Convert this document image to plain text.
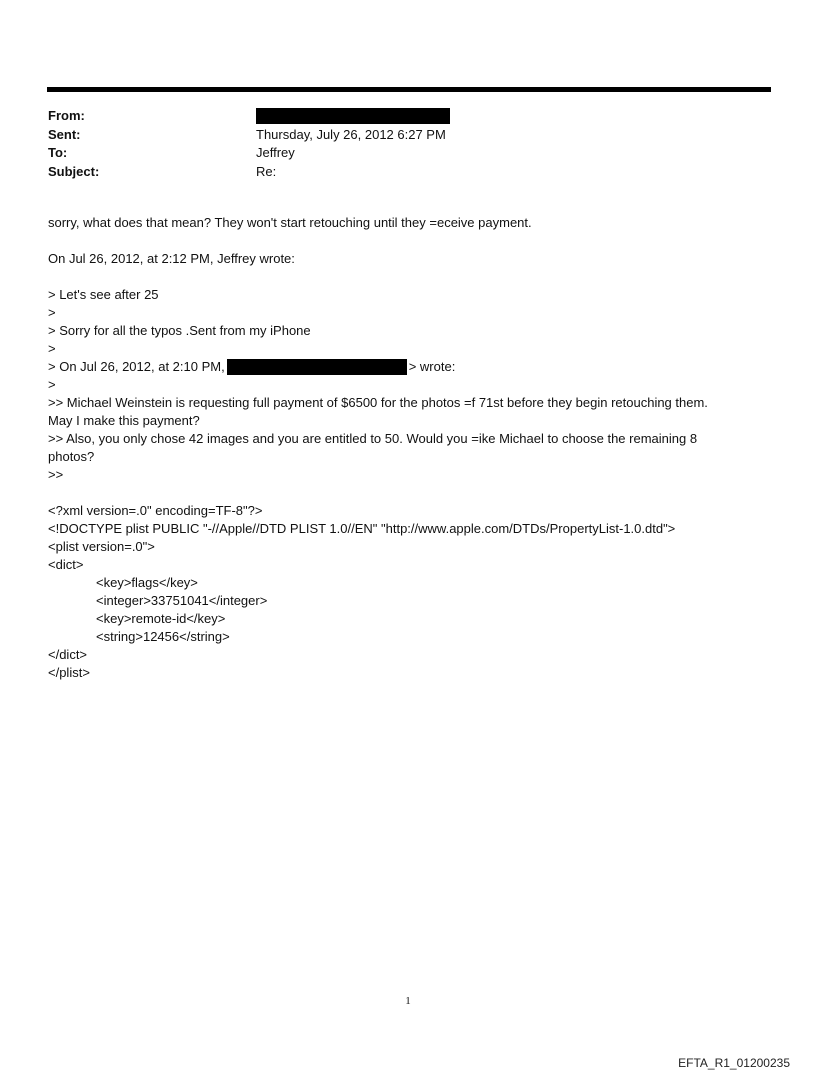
From:
Sent:	Thursday, July 26, 2012 6:27 PM
To:	Jeffrey
Subject:	Re:
sorry, what does that mean? They won't start retouching until they =eceive payment.
On Jul 26, 2012, at 2:12 PM, Jeffrey wrote:
> Let's see after 25
>
> Sorry for all the typos .Sent from my iPhone
>
> On Jul 26, 2012, at 2:10 PM,	> wrote:
>
>> Michael Weinstein is requesting full payment of $6500 for the photos =f 71st before they begin retouching them.
May I make this payment?
>> Also, you only chose 42 images and you are entitled to 50. Would you =ike Michael to choose the remaining 8
photos?
>>
<?xml version=.0" encoding=TF-8"?>
<!DOCTYPE plist PUBLIC "-//Apple//DTD PLIST 1.0//EN" "http://www.apple.com/DTDs/PropertyList-1.0.dtd">
<plist version=.0">
<dict>
<key>flags</key>
<integer>33751041</integer>
<key>remote-id</key>
<string>12456</string>
</dict>
</plist>
1
EFTA_R1_01200235
